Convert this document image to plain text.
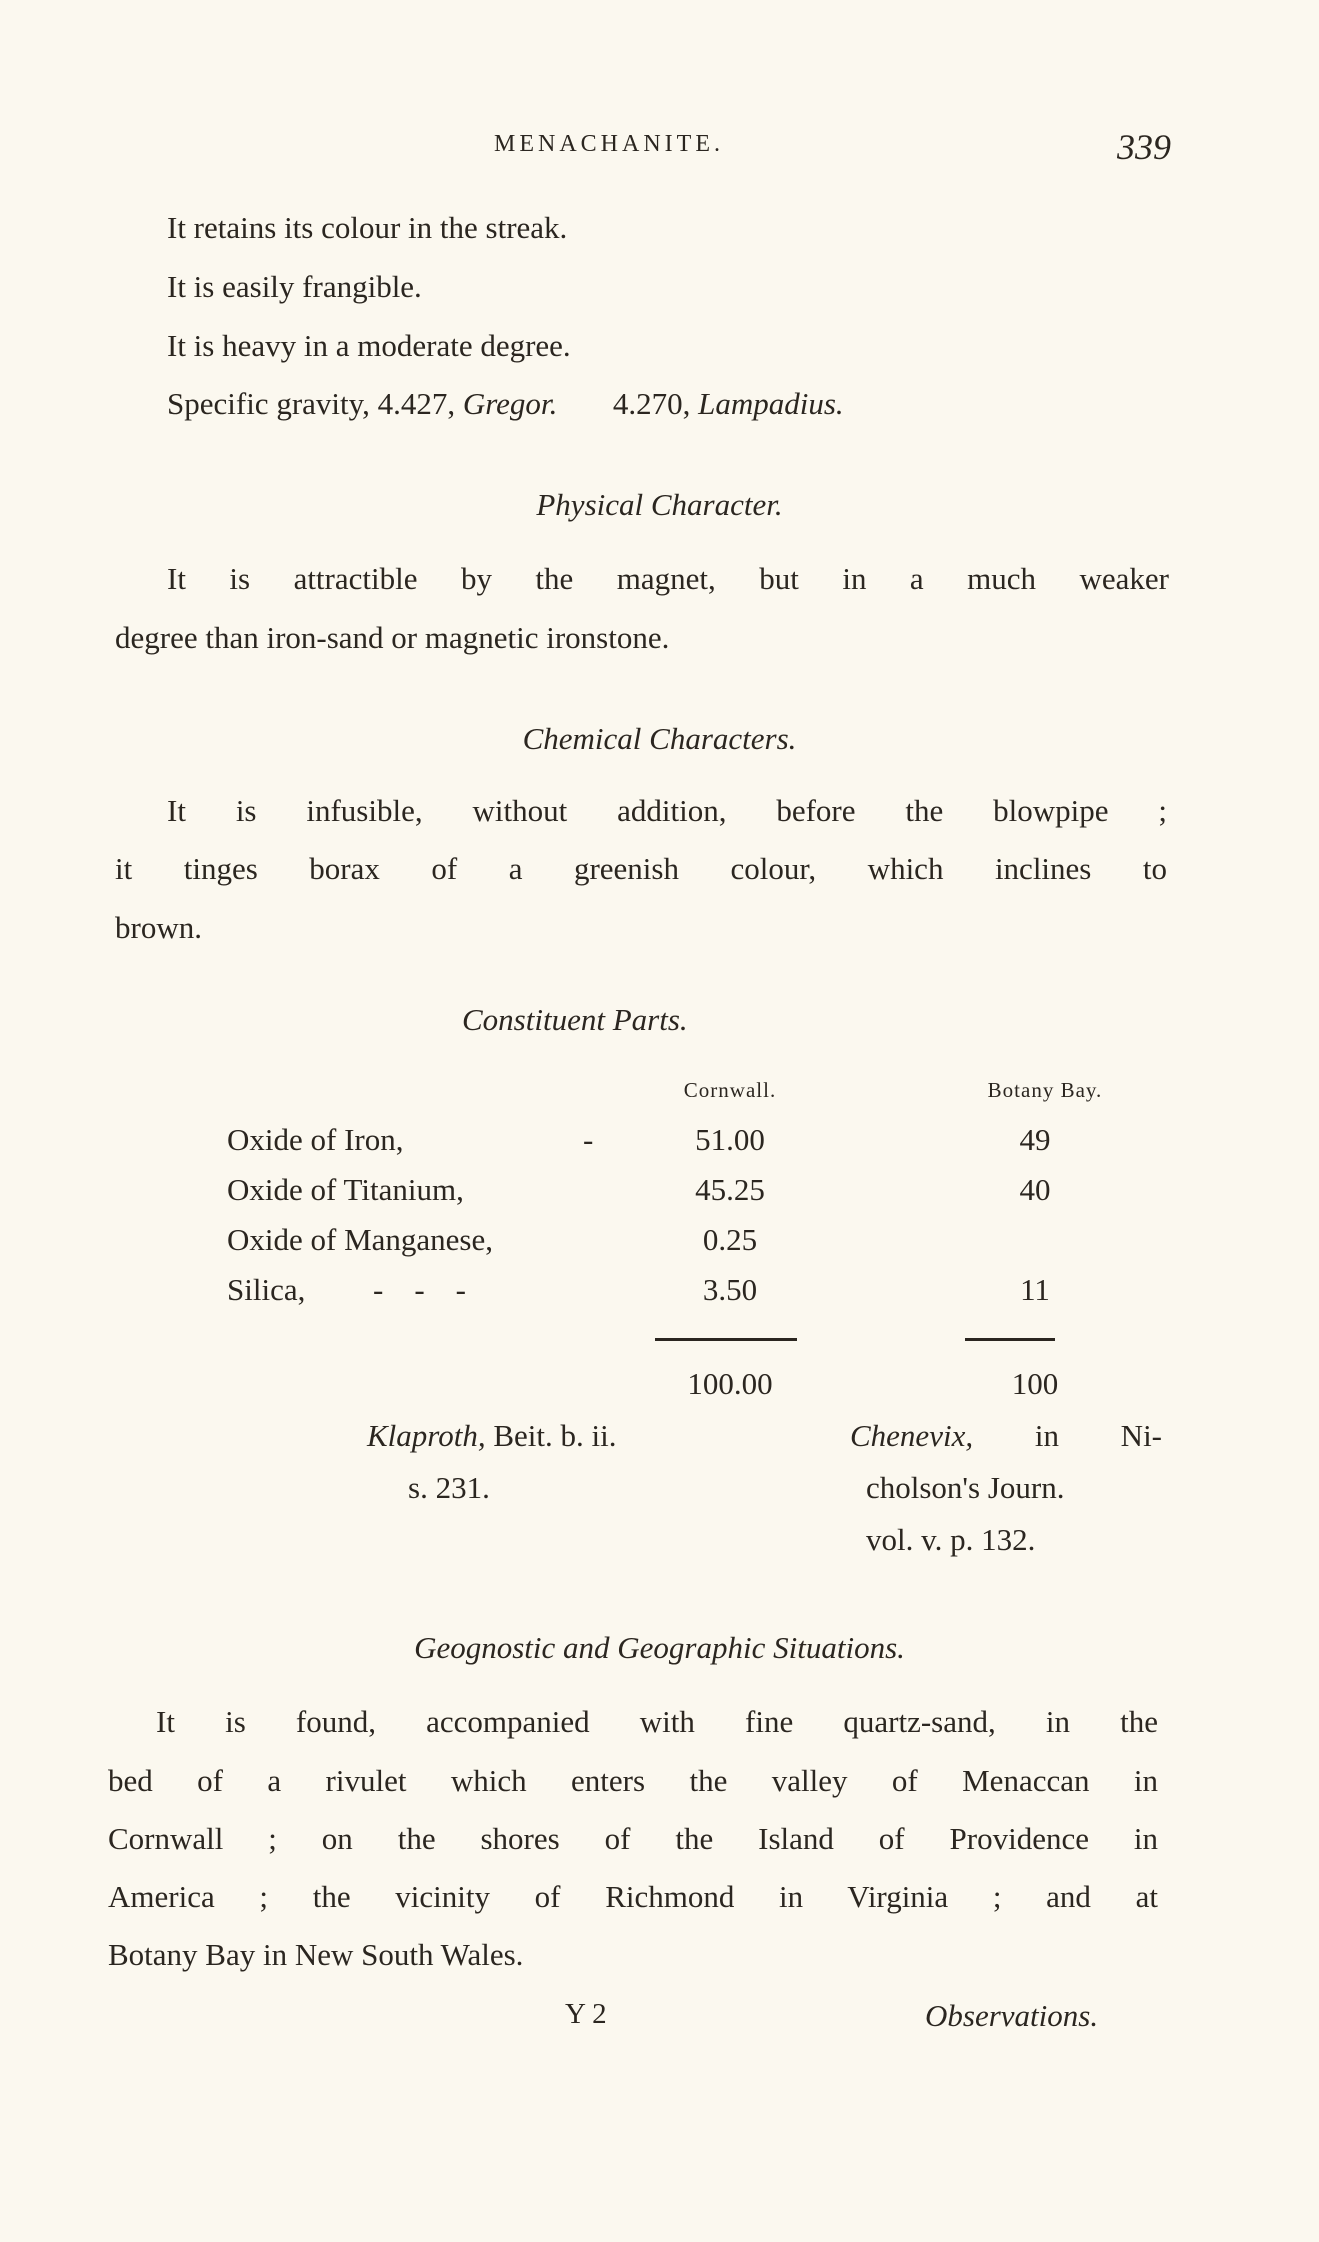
MENACHANITE.	339
It retains its colour in the streak.
It is easily frangible.
It is heavy in a moderate degree.
Specific gravity, 4.427, Gregor. 4.270, Lampadius.
Physical Character.
It is attractible by the magnet, but in a much weaker
degree than iron-sand or magnetic ironstone.
Chemical Characters.
It is infusible, without addition, before the blowpipe ;
it tinges borax of a greenish colour, which inclines to
brown.
Constituent Parts.
Cornwall.	Botany Bay.
Oxide of Iron,	-	51.00	49
Oxide of Titanium,	45.25	40
Oxide of Manganese,	0.25
Silica, -    -    -	3.50	11
100.00	100
Klaproth, Beit. b. ii.
s. 231.
Chenevix, in Ni-
cholson's Journ.
vol. v. p. 132.
Geognostic and Geographic Situations.
It is found, accompanied with fine quartz-sand, in the
bed of a rivulet which enters the valley of Menaccan in
Cornwall ; on the shores of the Island of Providence in
America ; the vicinity of Richmond in Virginia ; and at
Botany Bay in New South Wales.
Y 2	Observations.
